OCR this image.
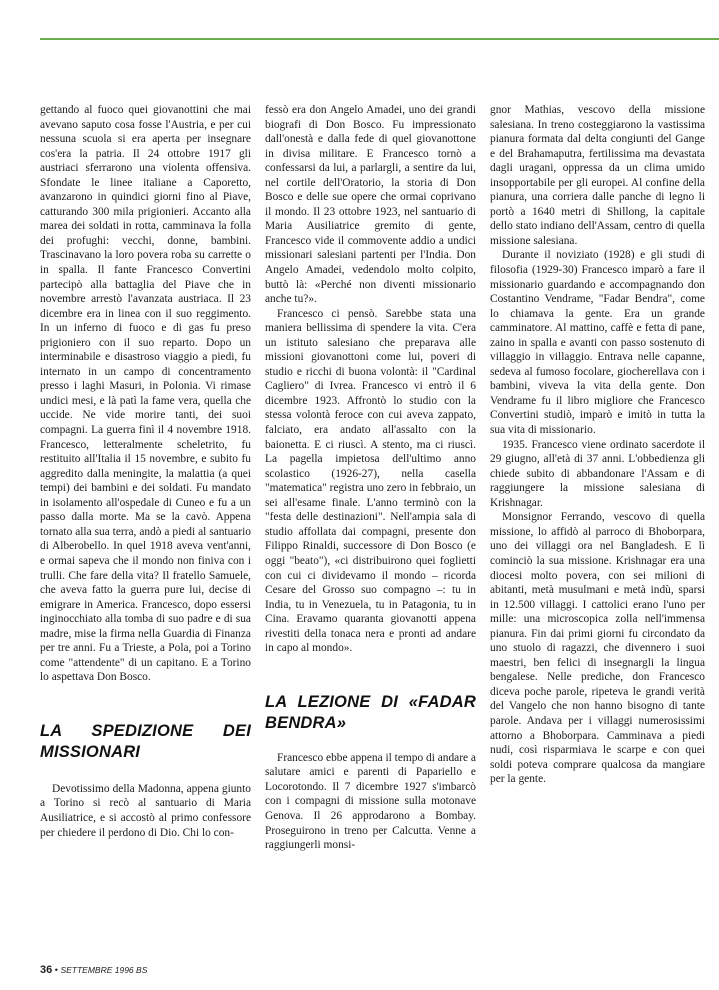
gettando al fuoco quei giovanottini che mai avevano saputo cosa fosse l'Austria, e per cui nessuna scuola si era aperta per insegnare cos'era la patria. Il 24 ottobre 1917 gli austriaci sferrarono una violenta offensiva. Sfondate le linee italiane a Caporetto, avanzarono in quindici giorni fino al Piave, catturando 300 mila prigionieri. Accanto alla marea dei soldati in rotta, camminava la folla dei profughi: vecchi, donne, bambini. Trascinavano la loro povera roba su carrette o in spalla. Il fante Francesco Convertini partecipò alla battaglia del Piave che in novembre arrestò l'avanzata austriaca. Il 23 dicembre era in linea con il suo reggimento. In un inferno di fuoco e di gas fu preso prigioniero con il suo reparto. Dopo un interminabile e disastroso viaggio a piedi, fu internato in un campo di concentramento presso i laghi Masuri, in Polonia. Vi rimase undici mesi, e là patì la fame vera, quella che uccide. Ne vide morire tanti, dei suoi compagni. La guerra finì il 4 novembre 1918. Francesco, letteralmente scheletrito, fu restituito all'Italia il 15 novembre, e subito fu aggredito dalla meningite, la malattia (a quei tempi) dei bambini e dei soldati. Fu mandato in isolamento all'ospedale di Cuneo e fu a un passo dalla morte. Ma se la cavò. Appena tornato alla sua terra, andò a piedi al santuario di Alberobello. In quel 1918 aveva vent'anni, e ormai sapeva che il mondo non finiva con i trulli. Che fare della vita? Il fratello Samuele, che aveva fatto la guerra pure lui, decise di emigrare in America. Francesco, dopo essersi inginocchiato alla tomba di suo padre e di sua madre, mise la firma nella Guardia di Finanza per tre anni. Fu a Trieste, a Pola, poi a Torino come "attendente" di un capitano. E a Torino lo aspettava Don Bosco.

LA SPEDIZIONE DEI MISSIONARI

Devotissimo della Madonna, appena giunto a Torino si recò al santuario di Maria Ausiliatrice, e si accostò al primo confessore per chiedere il perdono di Dio. Chi lo con-

fessò era don Angelo Amadei, uno dei grandi biografi di Don Bosco. Fu impressionato dall'onestà e dalla fede di quel giovanottone in divisa militare. E Francesco tornò a confessarsi da lui, a parlargli, a sentire da lui, nel cortile dell'Oratorio, la storia di Don Bosco e delle sue opere che ormai coprivano il mondo. Il 23 ottobre 1923, nel santuario di Maria Ausiliatrice gremito di gente, Francesco vide il commovente addio a undici missionari salesiani partenti per l'India. Don Angelo Amadei, vedendolo molto colpito, buttò là: «Perché non diventi missionario anche tu?».

Francesco ci pensò. Sarebbe stata una maniera bellissima di spendere la vita. C'era un istituto salesiano che preparava alle missioni giovanottoni come lui, poveri di studio e ricchi di buona volontà: il "Cardinal Cagliero" di Ivrea. Francesco vi entrò il 6 dicembre 1923. Affrontò lo studio con la stessa volontà feroce con cui aveva zappato, falciato, era andato all'assalto con la baionetta. E ci riuscì. A stento, ma ci riuscì. La pagella impietosa dell'ultimo anno scolastico (1926-27), nella casella "matematica" registra uno zero in febbraio, un sei all'esame finale. L'anno terminò con la "festa delle destinazioni". Nell'ampia sala di studio affollata dai compagni, presente don Filippo Rinaldi, successore di Don Bosco (e oggi "beato"), «ci distribuirono quei foglietti con cui ci dividevamo il mondo – ricorda Cesare del Grosso suo compagno –: tu in India, tu in Venezuela, tu in Patagonia, tu in Cina. Eravamo quaranta giovanotti appena rivestiti della tonaca nera e pronti ad andare in capo al mondo».

LA LEZIONE DI «FADAR BENDRA»

Francesco ebbe appena il tempo di andare a salutare amici e parenti di Papariello e Locorotondo. Il 7 dicembre 1927 s'imbarcò con i compagni di missione sulla motonave Genova. Il 26 approdarono a Bombay. Proseguirono in treno per Calcutta. Venne a raggiungerli monsi-

gnor Mathias, vescovo della missione salesiana. In treno costeggiarono la vastissima pianura formata dal delta congiunti del Gange e del Brahamaputra, fertilissima ma devastata dagli uragani, oppressa da un clima umido insopportabile per gli europei. Al confine della pianura, una corriera dalle panche di legno li portò a 1640 metri di Shillong, la capitale dello stato indiano dell'Assam, centro di quella missione salesiana.

Durante il noviziato (1928) e gli studi di filosofia (1929-30) Francesco imparò a fare il missionario guardando e accompagnando don Costantino Vendrame, "Fadar Bendra", come lo chiamava la gente. Era un grande camminatore. Al mattino, caffè e fetta di pane, zaino in spalla e avanti con passo sostenuto di villaggio in villaggio. Entrava nelle capanne, sedeva al fumoso focolare, giocherellava con i bambini, viveva la vita della gente. Don Vendrame fu il libro migliore che Francesco Convertini studiò, imparò e imitò in tutta la sua vita di missionario.

1935. Francesco viene ordinato sacerdote il 29 giugno, all'età di 37 anni. L'obbedienza gli chiede subito di abbandonare l'Assam e di raggiungere la missione salesiana di Krishnagar.

Monsignor Ferrando, vescovo di quella missione, lo affidò al parroco di Bhoborpara, uno dei villaggi ora nel Bangladesh. E lì cominciò la sua missione. Krishnagar era una diocesi molto povera, con sei milioni di abitanti, metà musulmani e metà indù, sparsi in 12.500 villaggi. I cattolici erano l'uno per mille: una microscopica zolla nell'immensa pianura. Fin dai primi giorni fu circondato da uno stuolo di ragazzi, che divennero i suoi maestri, ben felici di insegnargli la lingua bengalese. Nelle prediche, don Francesco diceva poche parole, ripeteva le grandi verità del Vangelo che non hanno bisogno di tante parole. Andava per i villaggi numerosissimi attorno a Bhoborpara. Camminava a piedi nudi, così risparmiava le scarpe e con quei soldi poteva comprare qualcosa da mangiare per la gente.

36 • SETTEMBRE 1996 BS
